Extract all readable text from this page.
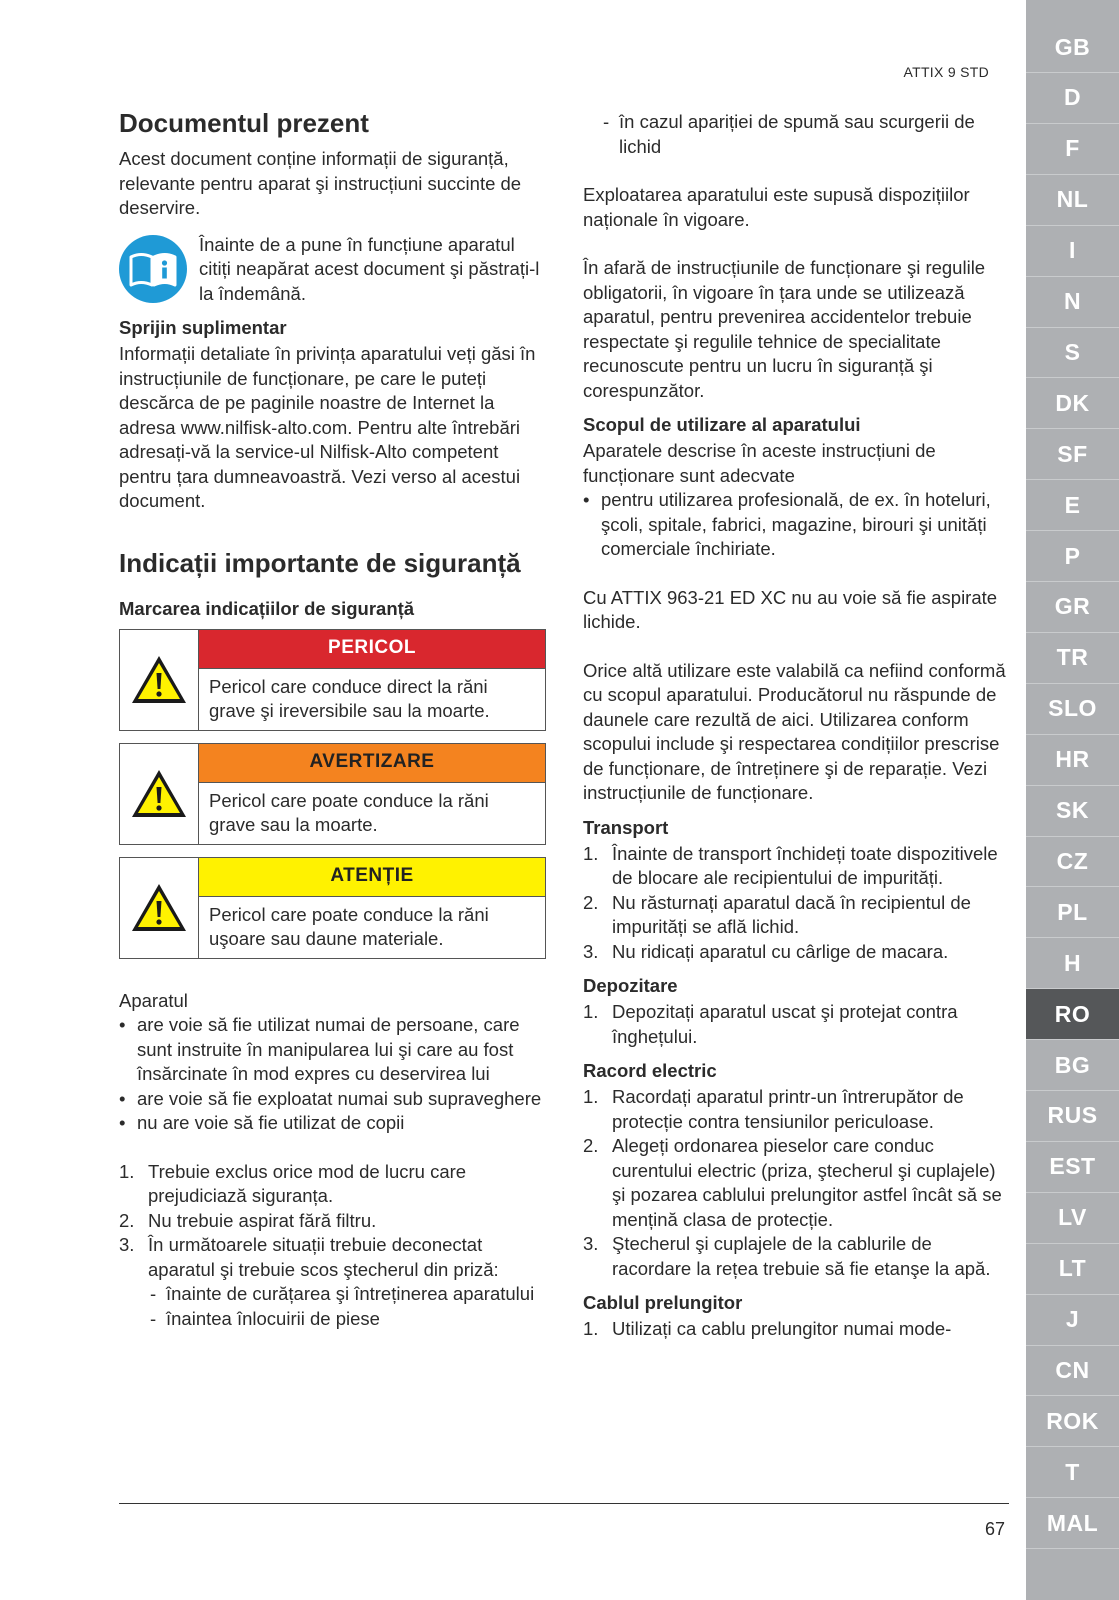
ATTIX 9 STD
Documentul prezent

Acest document conține informații de siguranță, relevante pentru aparat şi instrucțiuni succinte de deservire.

Înainte de a pune în funcțiune aparatul citiți neapărat acest document şi păstrați-l la îndemână.

Sprijin suplimentar

Informații detaliate în privința aparatului veți găsi în instrucțiunile de funcționare, pe care le puteți descărca de pe paginile noastre de Internet la adresa www.nilfisk-alto.com. Pentru alte întrebări adresați-vă la service-ul Nilfisk-Alto competent pentru țara dumneavoastră. Vezi verso al acestui document.

Indicații importante de siguranță
Marcarea indicațiilor de siguranță
PERICOL
Pericol care conduce direct la răni grave şi ireversibile sau la moarte.
AVERTIZARE
Pericol care poate conduce la răni grave sau la moarte.
ATENȚIE
Pericol care poate conduce la răni uşoare sau daune materiale.

Aparatul

• are voie să fie utilizat numai de persoane, care sunt instruite în manipularea lui şi care au fost însărcinate în mod expres cu deservirea lui
• are voie să fie exploatat numai sub supraveghere
• nu are voie să fie utilizat de copii
1. Trebuie exclus orice mod de lucru care prejudiciază siguranța.
2. Nu trebuie aspirat fără filtru.
3. În următoarele situații trebuie deconectat aparatul şi trebuie scos ştecherul din priză:
- înainte de curățarea şi întreținerea aparatului
- înaintea înlocuirii de piese
- în cazul apariției de spumă sau scurgerii de lichid

Exploatarea aparatului este supusă dispozițiilor naționale în vigoare.

În afară de instrucțiunile de funcționare şi regulile obligatorii, în vigoare în țara unde se utilizează aparatul, pentru prevenirea accidentelor trebuie respectate şi regulile tehnice de specialitate recunoscute pentru un lucru în siguranță şi corespunzător.

Scopul de utilizare al aparatului

Aparatele descrise în aceste instrucțiuni de funcționare sunt adecvate

• pentru utilizarea profesională, de ex. în hoteluri, şcoli, spitale, fabrici, magazine, birouri şi unități comerciale închiriate.

Cu ATTIX 963-21 ED XC nu au voie să fie aspirate lichide.

Orice altă utilizare este valabilă ca nefiind conformă cu scopul aparatului. Producătorul nu răspunde de daunele care rezultă de aici. Utilizarea conform scopului include şi respectarea condițiilor prescrise de funcționare, de întreținere şi de reparație. Vezi instrucțiunile de funcționare.

Transport
1. Înainte de transport închideți toate dispozitivele de blocare ale recipientului de impurități.
2. Nu răsturnați aparatul dacă în recipientul de impurități se află lichid.
3. Nu ridicați aparatul cu cârlige de macara.
Depozitare
1. Depozitați aparatul uscat şi protejat contra înghețului.
Racord electric
1. Racordați aparatul printr-un întrerupător de protecție contra tensiunilor periculoase.
2. Alegeți ordonarea pieselor care conduc curentului electric (priza, ştecherul şi cuplajele) şi pozarea cablului prelungitor astfel încât să se mențină clasa de protecție.
3. Ştecherul şi cuplajele de la cablurile de racordare la rețea trebuie să fie etanşe la apă.
Cablul prelungitor
1. Utilizați ca cablu prelungitor numai mode-
67
GB
D
F
NL
I
N
S
DK
SF
E
P
GR
TR
SLO
HR
SK
CZ
PL
H
RO
BG
RUS
EST
LV
LT
J
CN
ROK
T
MAL
